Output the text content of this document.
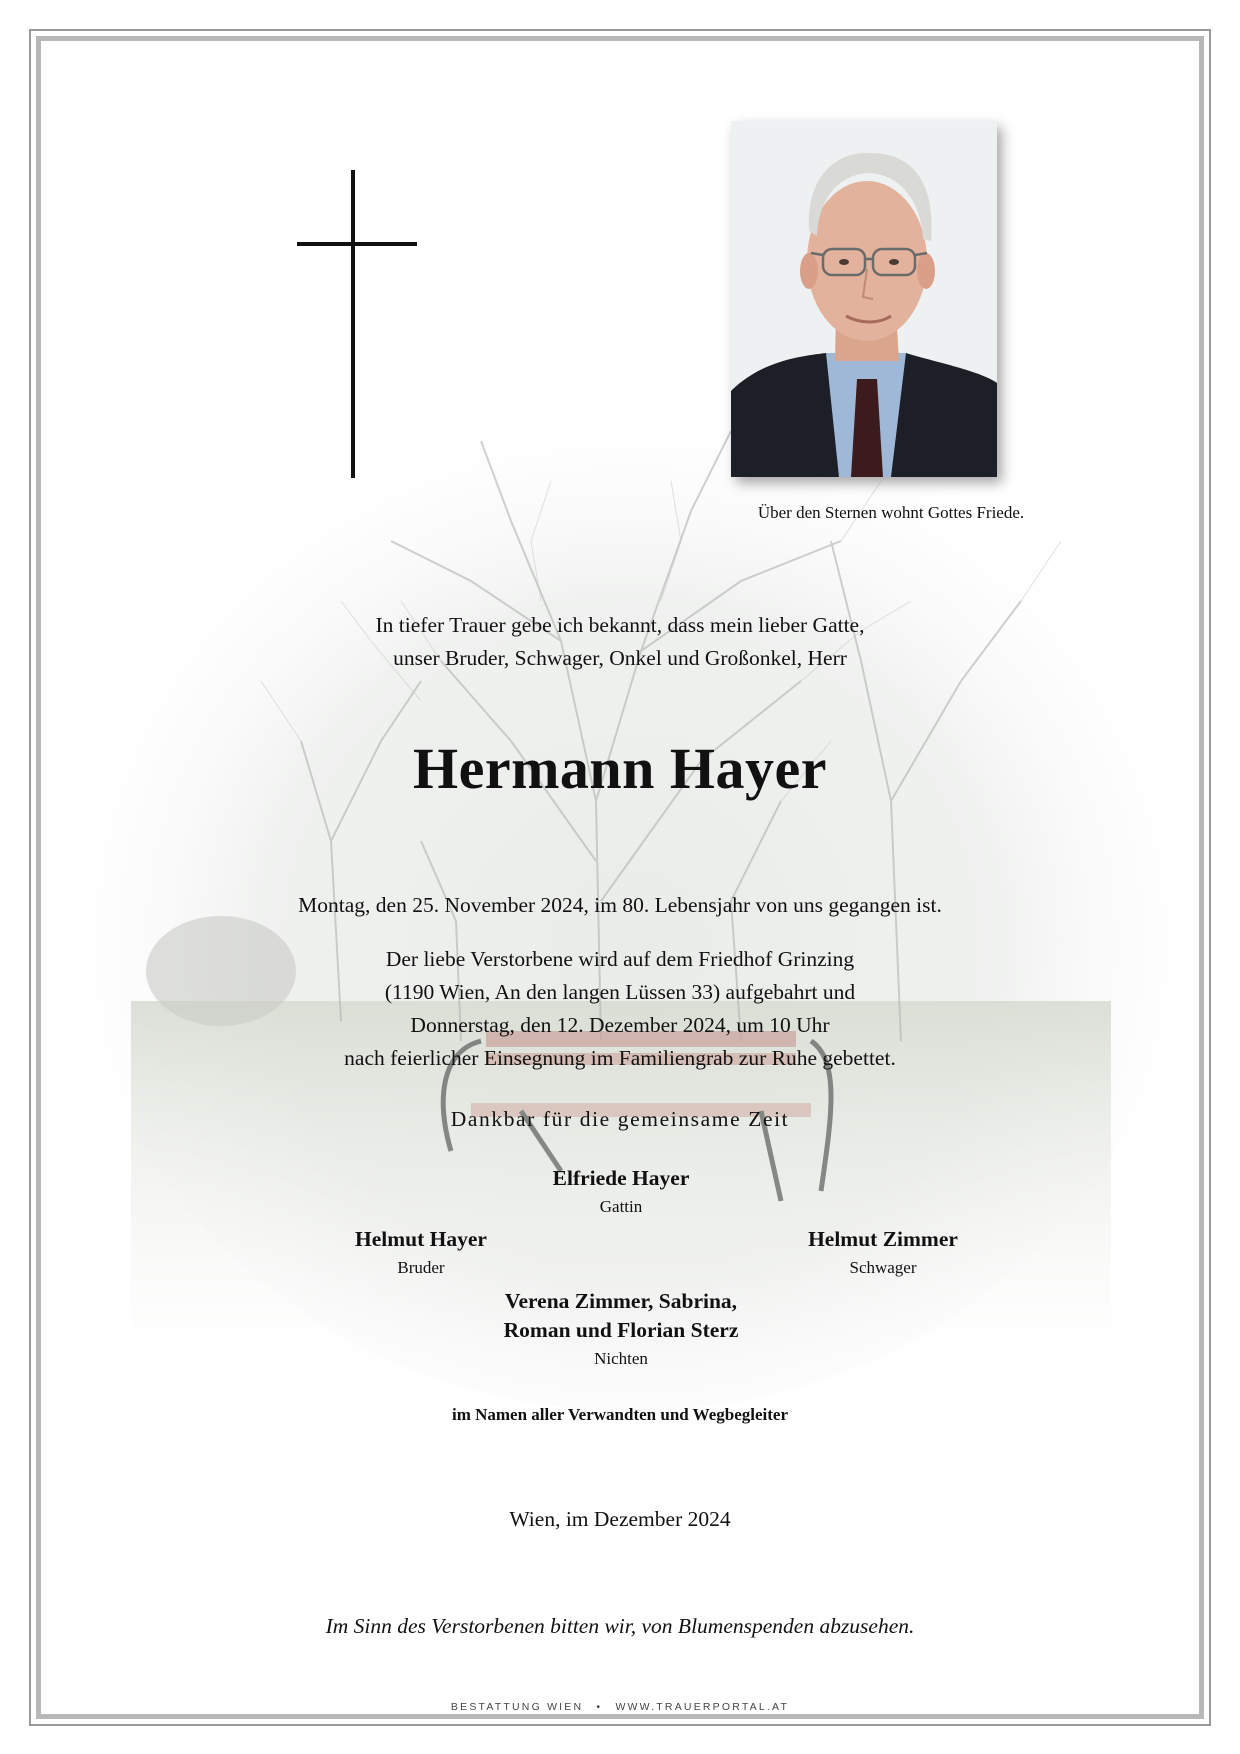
Über den Sternen wohnt Gottes Friede.
In tiefer Trauer gebe ich bekannt, dass mein lieber Gatte,
unser Bruder, Schwager, Onkel und Großonkel, Herr
Hermann Hayer
Montag, den 25. November 2024, im 80. Lebensjahr von uns gegangen ist.
Der liebe Verstorbene wird auf dem Friedhof Grinzing
(1190 Wien, An den langen Lüssen 33) aufgebahrt und
Donnerstag, den 12. Dezember 2024, um 10 Uhr
nach feierlicher Einsegnung im Familiengrab zur Ruhe gebettet.
Dankbar für die gemeinsame Zeit
Elfriede Hayer
Gattin
Helmut Hayer
Bruder
Helmut Zimmer
Schwager
Verena Zimmer, Sabrina,
Roman und Florian Sterz
Nichten
im Namen aller Verwandten und Wegbegleiter
Wien, im Dezember 2024
Im Sinn des Verstorbenen bitten wir, von Blumenspenden abzusehen.
BESTATTUNG WIEN • WWW.TRAUERPORTAL.AT
